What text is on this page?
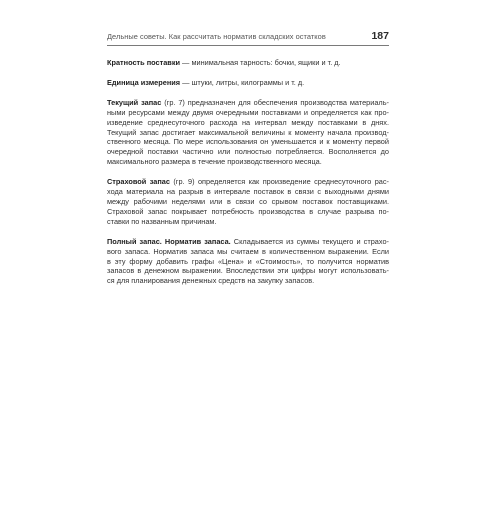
Дельные советы. Как рассчитать норматив складских остатков	187

Кратность поставки — минимальная тарность: бочки, ящики и т. д.

Единица измерения — штуки, литры, килограммы и т. д.

Текущий запас (гр. 7) предназначен для обеспечения производства материаль-
ными ресурсами между двумя очередными поставками и определяется как про-
изведение среднесуточного расхода на интервал между поставками в днях.
Текущий запас достигает максимальной величины к моменту начала производ-
ственного месяца. По мере использования он уменьшается и к моменту первой
очередной поставки частично или полностью потребляется. Восполняется до
максимального размера в течение производственного месяца.

Страховой запас (гр. 9) определяется как произведение среднесуточного рас-
хода материала на разрыв в интервале поставок в связи с выходными днями
между рабочими неделями или в связи со срывом поставок поставщиками.
Страховой запас покрывает потребность производства в случае разрыва по-
ставки по названным причинам.

Полный запас. Норматив запаса. Складывается из суммы текущего и страхо-
вого запаса. Норматив запаса мы считаем в количественном выражении. Если
в эту форму добавить графы «Цена» и «Стоимость», то получится норматив
запасов в денежном выражении. Впоследствии эти цифры могут использовать-
ся для планирования денежных средств на закупку запасов.
